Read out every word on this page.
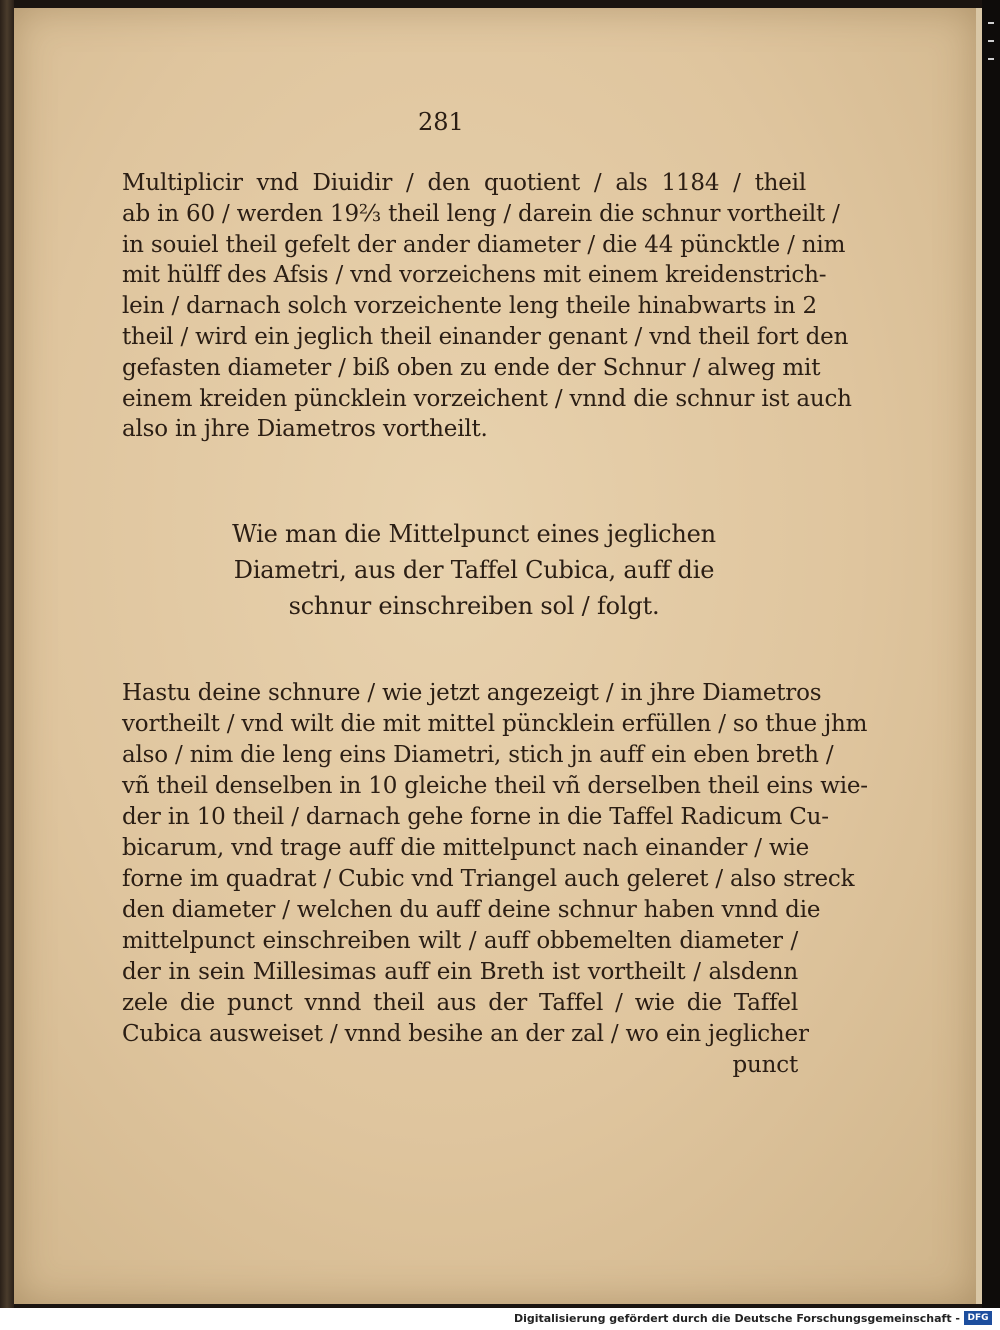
281
Multiplicir vnd Diuidir / den quotient / als 1184 / theil
ab in 60 / werden 19⅔ theil leng / darein die schnur vortheilt /
in souiel theil gefelt der ander diameter / die 44 püncktle / nim
mit hülff des Afsis / vnd vorzeichens mit einem kreidenstrich-
lein / darnach solch vorzeichente leng theile hinabwarts in 2
theil / wird ein jeglich theil einander genant / vnd theil fort den
gefasten diameter / biß oben zu ende der Schnur / alweg mit
einem kreiden püncklein vorzeichent / vnnd die schnur ist auch
also in jhre Diametros vortheilt.
Wie man die Mittelpunct eines jeglichen
Diametri, aus der Taffel Cubica, auff die
schnur einschreiben sol / folgt.
Hastu deine schnure / wie jetzt angezeigt / in jhre Diametros
vortheilt / vnd wilt die mit mittel püncklein erfüllen / so thue jhm
also / nim die leng eins Diametri, stich jn auff ein eben breth /
vñ theil denselben in 10 gleiche theil vñ derselben theil eins wie-
der in 10 theil / darnach gehe forne in die Taffel Radicum Cu-
bicarum, vnd trage auff die mittelpunct nach einander / wie
forne im quadrat / Cubic vnd Triangel auch geleret / also streck
den diameter / welchen du auff deine schnur haben vnnd die
mittelpunct einschreiben wilt / auff obbemelten diameter /
der in sein Millesimas auff ein Breth ist vortheilt / alsdenn
zele die punct vnnd theil aus der Taffel / wie die Taffel
Cubica ausweiset / vnnd besihe an der zal / wo ein jeglicher
punct
Digitalisierung gefördert durch die Deutsche Forschungsgemeinschaft - DFG
